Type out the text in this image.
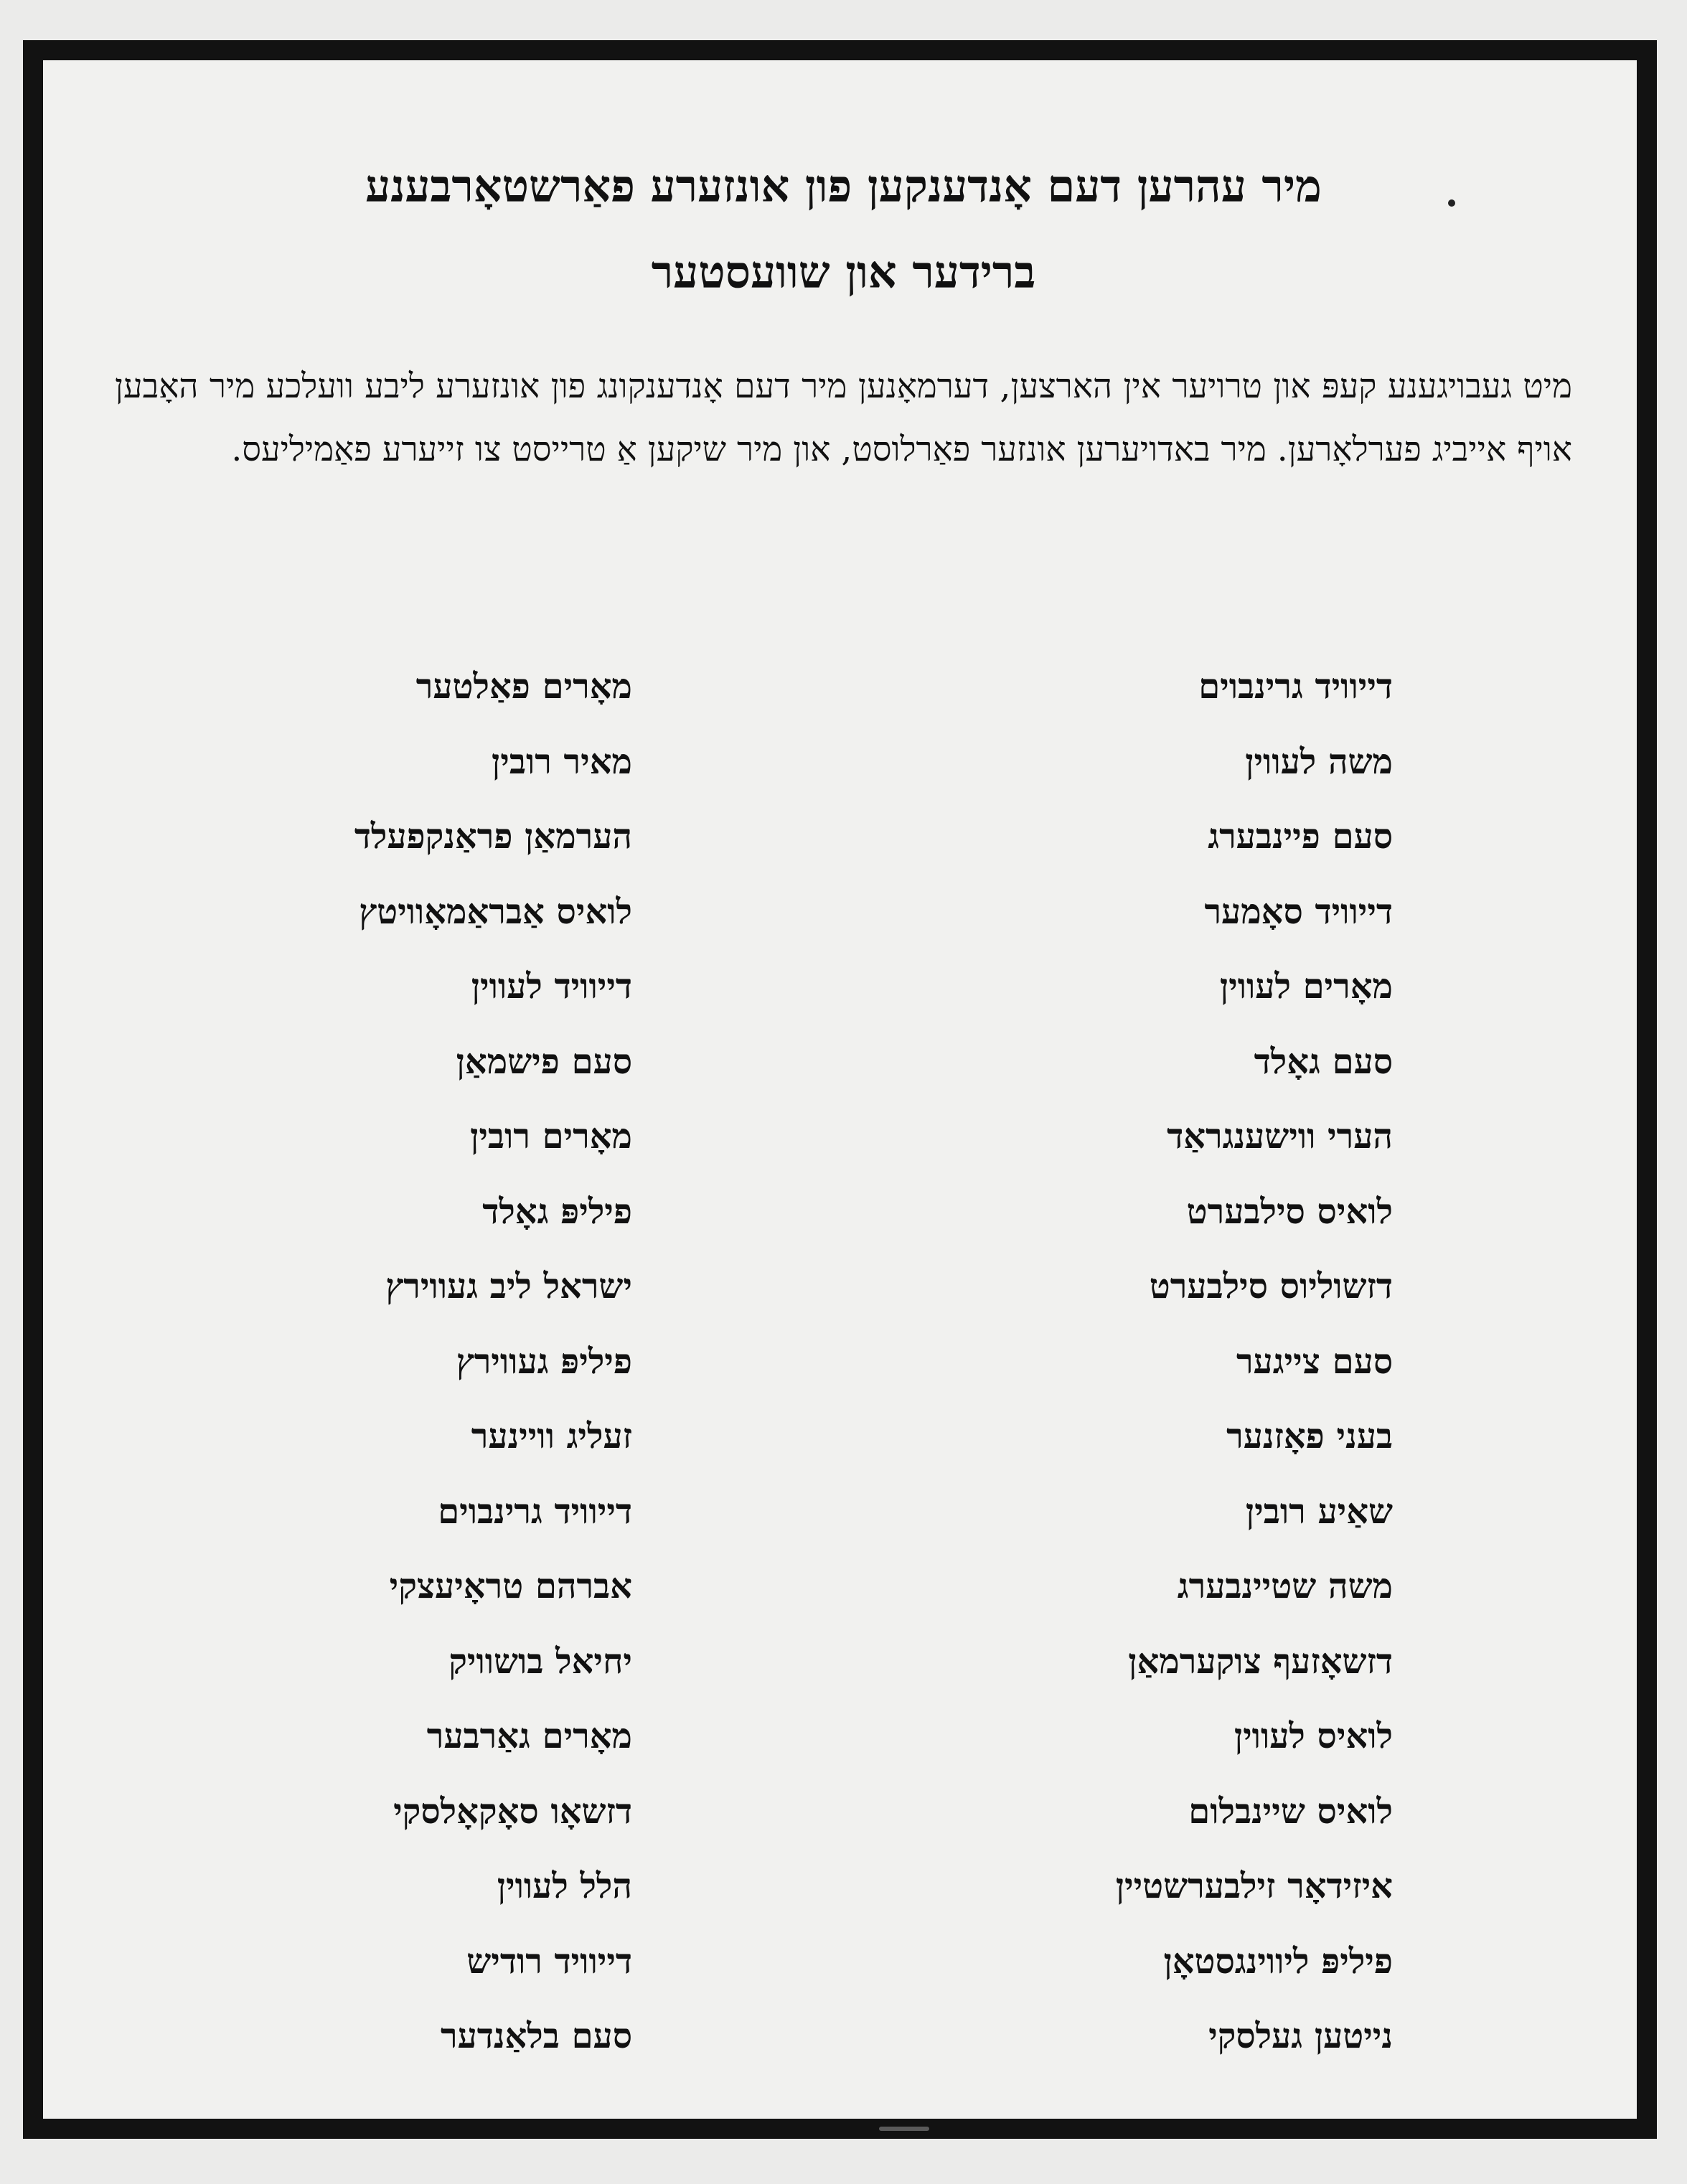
מיר עהרען דעם אָנדענקען פון אונזערע פאַרשטאָרבענע
ברידער און שוועסטער

מיט געבויגענע קעפּ און טרויער אין הארצען, דערמאָנען מיר דעם אָנדענקונג פון אונזערע ליבע וועלכע מיר האָבען אויף אייביג פערלאָרען. מיר באדויערען אונזער פאַרלוסט, און מיר שיקען אַ טרייסט צו זייערע פאַמיליעס.

דייוויד גרינבוים
משה לעווין
סעם פיינבערג
דייוויד סאָמער
מאָרים לעווין
סעם גאָלד
הערי ווישענגראַד
לואיס סילבערט
דזשוליוס סילבערט
סעם צייגער
בעני פאָזנער
שאַיע רובין
משה שטיינבערג
דזשאָזעף צוקערמאַן
לואיס לעווין
לואיס שיינבלום
איזידאָר זילבערשטיין
פיליפּ ליווינגסטאָן
נייטען געלסקי
מאָרים פאַלטער
מאיר רובין
הערמאַן פראַנקפעלד
לואיס אַבראַמאָוויטץ
דייוויד לעווין
סעם פישמאַן
מאָרים רובין
פיליפּ גאָלד
ישראל ליב געווירץ
פיליפּ געווירץ
זעליג וויינער
דייוויד גרינבוים
אברהם טראָיעצקי
יחיאל בושוויק
מאָרים גאַרבער
דזשאָו סאָקאָלסקי
הלל לעווין
דייוויד רודיש
סעם בלאַנדער
